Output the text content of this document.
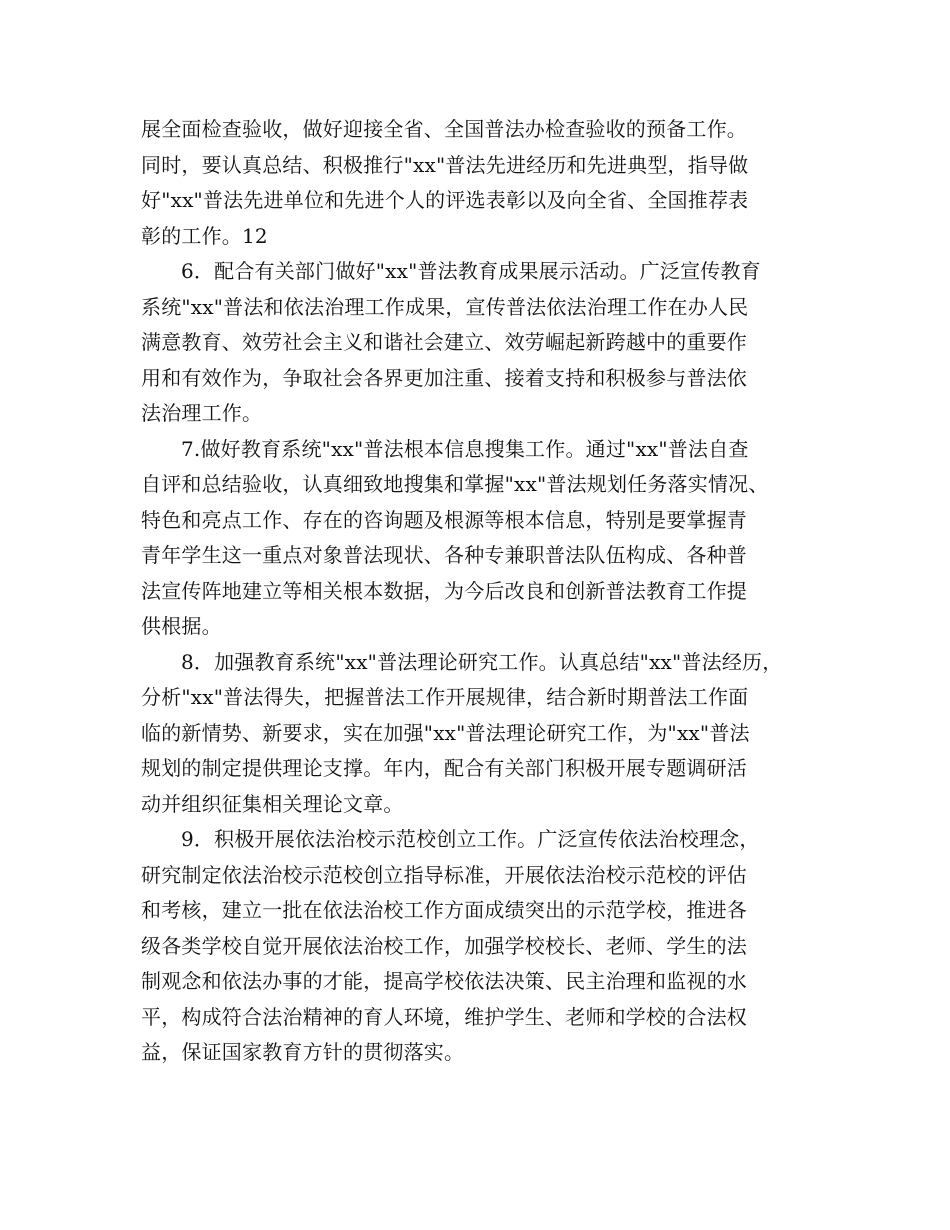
展全面检查验收，做好迎接全省、全国普法办检查验收的预备工作。
同时，要认真总结、积极推行"xx"普法先进经历和先进典型，指导做
好"xx"普法先进单位和先进个人的评选表彰以及向全省、全国推荐表
彰的工作。12
6．配合有关部门做好"xx"普法教育成果展示活动。广泛宣传教育
系统"xx"普法和依法治理工作成果，宣传普法依法治理工作在办人民
满意教育、效劳社会主义和谐社会建立、效劳崛起新跨越中的重要作
用和有效作为，争取社会各界更加注重、接着支持和积极参与普法依
法治理工作。
7.做好教育系统"xx"普法根本信息搜集工作。通过"xx"普法自查
自评和总结验收，认真细致地搜集和掌握"xx"普法规划任务落实情况、
特色和亮点工作、存在的咨询题及根源等根本信息，特别是要掌握青
青年学生这一重点对象普法现状、各种专兼职普法队伍构成、各种普
法宣传阵地建立等相关根本数据，为今后改良和创新普法教育工作提
供根据。
8．加强教育系统"xx"普法理论研究工作。认真总结"xx"普法经历，
分析"xx"普法得失，把握普法工作开展规律，结合新时期普法工作面
临的新情势、新要求，实在加强"xx"普法理论研究工作，为"xx"普法
规划的制定提供理论支撑。年内，配合有关部门积极开展专题调研活
动并组织征集相关理论文章。
9．积极开展依法治校示范校创立工作。广泛宣传依法治校理念，
研究制定依法治校示范校创立指导标准，开展依法治校示范校的评估
和考核，建立一批在依法治校工作方面成绩突出的示范学校，推进各
级各类学校自觉开展依法治校工作，加强学校校长、老师、学生的法
制观念和依法办事的才能，提高学校依法决策、民主治理和监视的水
平，构成符合法治精神的育人环境，维护学生、老师和学校的合法权
益，保证国家教育方针的贯彻落实。
